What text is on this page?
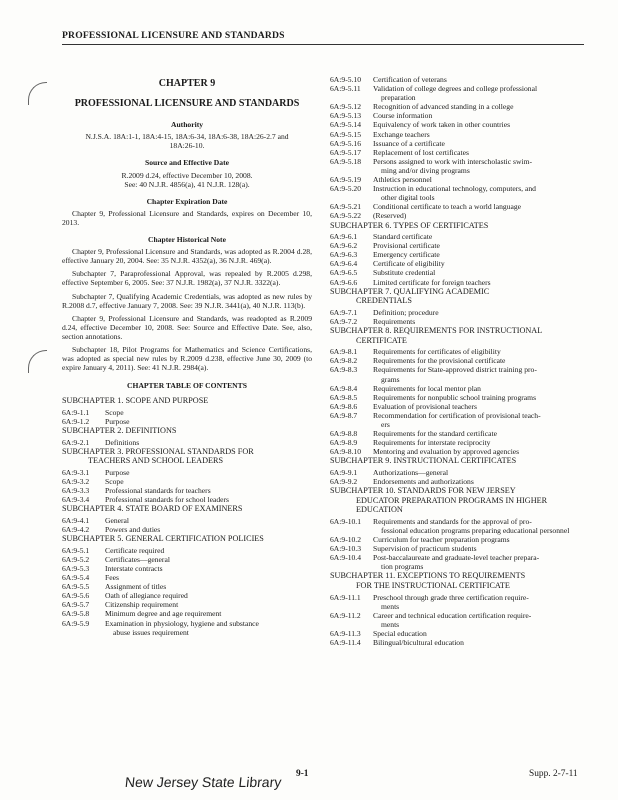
PROFESSIONAL LICENSURE AND STANDARDS
CHAPTER 9
PROFESSIONAL LICENSURE AND STANDARDS
Authority
N.J.S.A. 18A:1-1, 18A:4-15, 18A:6-34, 18A:6-38, 18A:26-2.7 and 18A:26-10.
Source and Effective Date
R.2009 d.24, effective December 10, 2008.
See: 40 N.J.R. 4856(a), 41 N.J.R. 128(a).
Chapter Expiration Date
Chapter 9, Professional Licensure and Standards, expires on December 10, 2013.
Chapter Historical Note
Chapter 9, Professional Licensure and Standards, was adopted as R.2004 d.28, effective January 20, 2004. See: 35 N.J.R. 4352(a), 36 N.J.R. 469(a).
Subchapter 7, Paraprofessional Approval, was repealed by R.2005 d.298, effective September 6, 2005. See: 37 N.J.R. 1982(a), 37 N.J.R. 3322(a).
Subchapter 7, Qualifying Academic Credentials, was adopted as new rules by R.2008 d.7, effective January 7, 2008. See: 39 N.J.R. 3441(a), 40 N.J.R. 113(b).
Chapter 9, Professional Licensure and Standards, was readopted as R.2009 d.24, effective December 10, 2008. See: Source and Effective Date. See, also, section annotations.
Subchapter 18, Pilot Programs for Mathematics and Science Certifications, was adopted as special new rules by R.2009 d.238, effective June 30, 2009 (to expire January 4, 2011). See: 41 N.J.R. 2984(a).
CHAPTER TABLE OF CONTENTS
SUBCHAPTER 1. SCOPE AND PURPOSE
6A:9-1.1	Scope
6A:9-1.2	Purpose
SUBCHAPTER 2. DEFINITIONS
6A:9-2.1	Definitions
SUBCHAPTER 3. PROFESSIONAL STANDARDS FOR
TEACHERS AND SCHOOL LEADERS
6A:9-3.1	Purpose
6A:9-3.2	Scope
6A:9-3.3	Professional standards for teachers
6A:9-3.4	Professional standards for school leaders
SUBCHAPTER 4. STATE BOARD OF EXAMINERS
6A:9-4.1	General
6A:9-4.2	Powers and duties
SUBCHAPTER 5. GENERAL CERTIFICATION POLICIES
6A:9-5.1	Certificate required
6A:9-5.2	Certificates—general
6A:9-5.3	Interstate contracts
6A:9-5.4	Fees
6A:9-5.5	Assignment of titles
6A:9-5.6	Oath of allegiance required
6A:9-5.7	Citizenship requirement
6A:9-5.8	Minimum degree and age requirement
6A:9-5.9	Examination in physiology, hygiene and substance
abuse issues requirement
6A:9-5.10	Certification of veterans
6A:9-5.11	Validation of college degrees and college professional
preparation
6A:9-5.12	Recognition of advanced standing in a college
6A:9-5.13	Course information
6A:9-5.14	Equivalency of work taken in other countries
6A:9-5.15	Exchange teachers
6A:9-5.16	Issuance of a certificate
6A:9-5.17	Replacement of lost certificates
6A:9-5.18	Persons assigned to work with interscholastic swim-
ming and/or diving programs
6A:9-5.19	Athletics personnel
6A:9-5.20	Instruction in educational technology, computers, and
other digital tools
6A:9-5.21	Conditional certificate to teach a world language
6A:9-5.22	(Reserved)
SUBCHAPTER 6. TYPES OF CERTIFICATES
6A:9-6.1	Standard certificate
6A:9-6.2	Provisional certificate
6A:9-6.3	Emergency certificate
6A:9-6.4	Certificate of eligibility
6A:9-6.5	Substitute credential
6A:9-6.6	Limited certificate for foreign teachers
SUBCHAPTER 7. QUALIFYING ACADEMIC
CREDENTIALS
6A:9-7.1	Definition; procedure
6A:9-7.2	Requirements
SUBCHAPTER 8. REQUIREMENTS FOR INSTRUCTIONAL
CERTIFICATE
6A:9-8.1	Requirements for certificates of eligibility
6A:9-8.2	Requirements for the provisional certificate
6A:9-8.3	Requirements for State-approved district training pro-
grams
6A:9-8.4	Requirements for local mentor plan
6A:9-8.5	Requirements for nonpublic school training programs
6A:9-8.6	Evaluation of provisional teachers
6A:9-8.7	Recommendation for certification of provisional teach-
ers
6A:9-8.8	Requirements for the standard certificate
6A:9-8.9	Requirements for interstate reciprocity
6A:9-8.10	Mentoring and evaluation by approved agencies
SUBCHAPTER 9. INSTRUCTIONAL CERTIFICATES
6A:9-9.1	Authorizations—general
6A:9-9.2	Endorsements and authorizations
SUBCHAPTER 10. STANDARDS FOR NEW JERSEY
EDUCATOR PREPARATION PROGRAMS IN HIGHER EDUCATION
6A:9-10.1	Requirements and standards for the approval of pro-
fessional education programs preparing educational personnel
6A:9-10.2	Curriculum for teacher preparation programs
6A:9-10.3	Supervision of practicum students
6A:9-10.4	Post-baccalaureate and graduate-level teacher prepara-
tion programs
SUBCHAPTER 11. EXCEPTIONS TO REQUIREMENTS
FOR THE INSTRUCTIONAL CERTIFICATE
6A:9-11.1	Preschool through grade three certification require-
ments
6A:9-11.2	Career and technical education certification require-
ments
6A:9-11.3	Special education
6A:9-11.4	Bilingual/bicultural education
New Jersey State Library 9-1	Supp. 2-7-11
